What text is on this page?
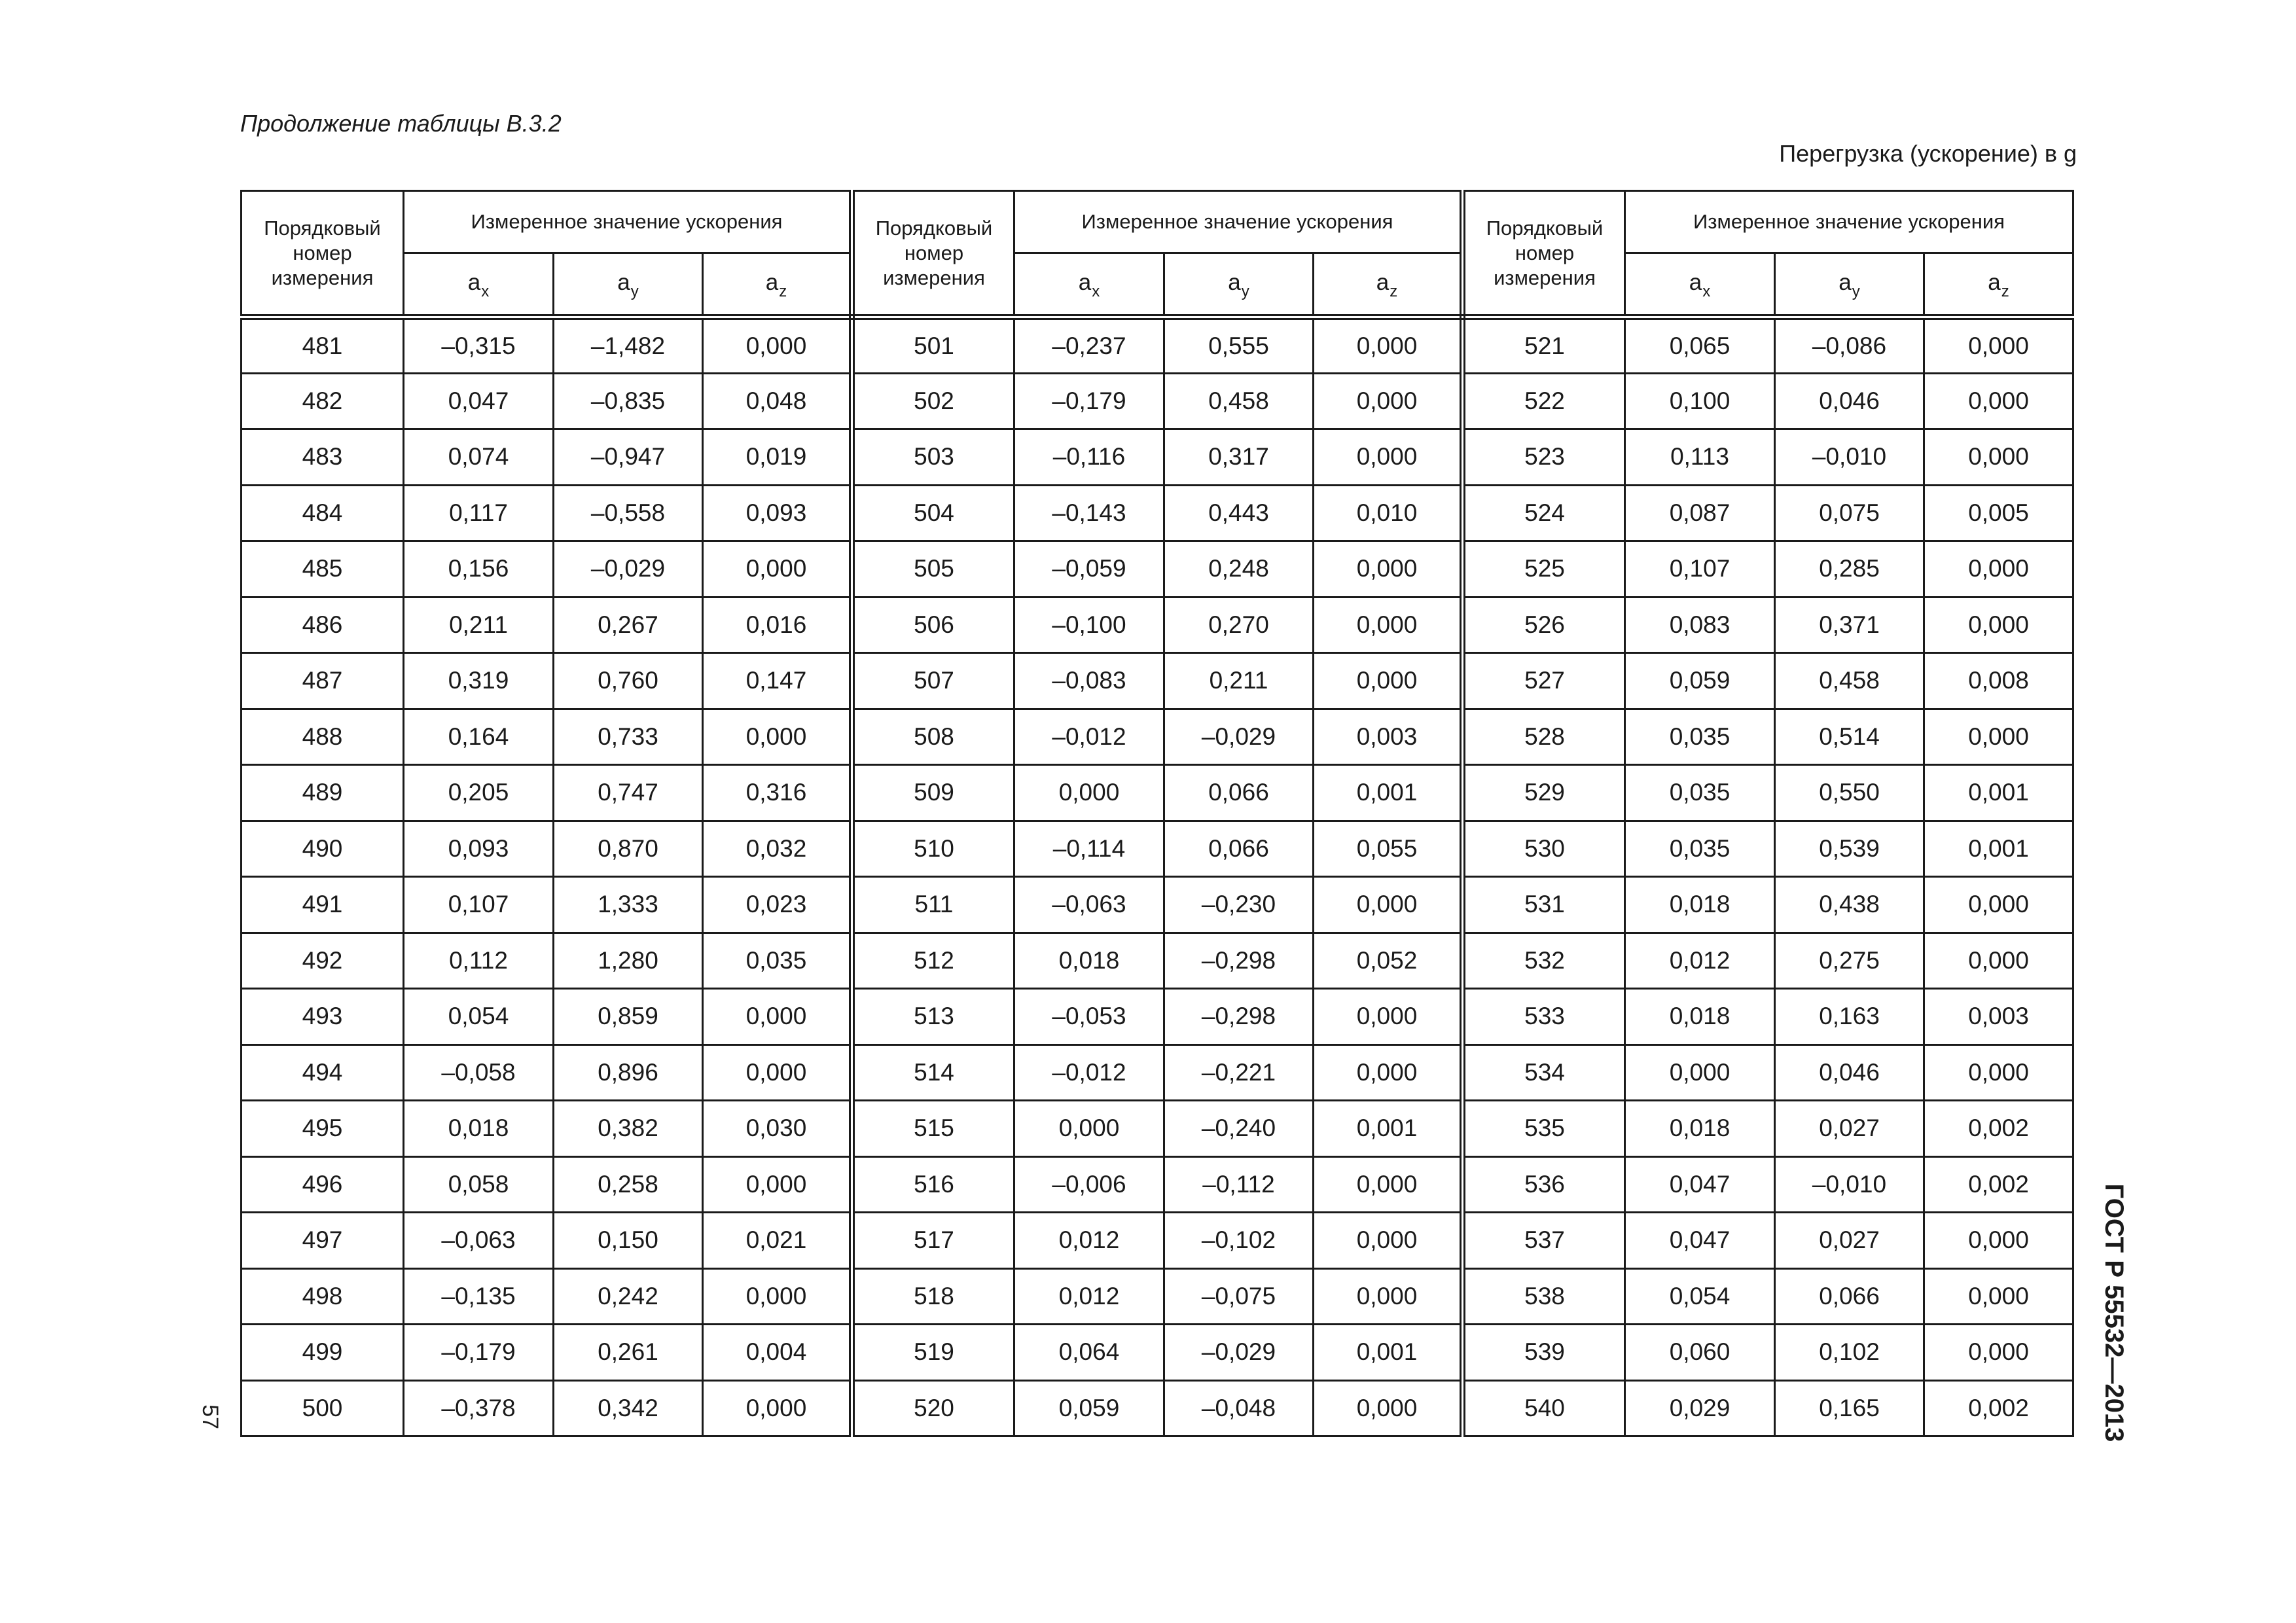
Продолжение таблицы В.3.2
Перегрузка (ускорение) в g
57	ГОСТ Р 55532—2013
Порядковый номер измерения	Измеренное значение ускорения			Порядковый номер измерения	Измеренное значение ускорения			Порядковый номер измерения	Измеренное значение ускорения		
	$a_x$	$a_y$	$a_z$		$a_x$	$a_y$	$a_z$		$a_x$	$a_y$	$a_z$
481	–0,315	–1,482	0,000	501	–0,237	0,555	0,000	521	0,065	–0,086	0,000
482	0,047	–0,835	0,048	502	–0,179	0,458	0,000	522	0,100	0,046	0,000
483	0,074	–0,947	0,019	503	–0,116	0,317	0,000	523	0,113	–0,010	0,000
484	0,117	–0,558	0,093	504	–0,143	0,443	0,010	524	0,087	0,075	0,005
485	0,156	–0,029	0,000	505	–0,059	0,248	0,000	525	0,107	0,285	0,000
486	0,211	0,267	0,016	506	–0,100	0,270	0,000	526	0,083	0,371	0,000
487	0,319	0,760	0,147	507	–0,083	0,211	0,000	527	0,059	0,458	0,008
488	0,164	0,733	0,000	508	–0,012	–0,029	0,003	528	0,035	0,514	0,000
489	0,205	0,747	0,316	509	0,000	0,066	0,001	529	0,035	0,550	0,001
490	0,093	0,870	0,032	510	–0,114	0,066	0,055	530	0,035	0,539	0,001
491	0,107	1,333	0,023	511	–0,063	–0,230	0,000	531	0,018	0,438	0,000
492	0,112	1,280	0,035	512	0,018	–0,298	0,052	532	0,012	0,275	0,000
493	0,054	0,859	0,000	513	–0,053	–0,298	0,000	533	0,018	0,163	0,003
494	–0,058	0,896	0,000	514	–0,012	–0,221	0,000	534	0,000	0,046	0,000
495	0,018	0,382	0,030	515	0,000	–0,240	0,001	535	0,018	0,027	0,002
496	0,058	0,258	0,000	516	–0,006	–0,112	0,000	536	0,047	–0,010	0,002
497	–0,063	0,150	0,021	517	0,012	–0,102	0,000	537	0,047	0,027	0,000
498	–0,135	0,242	0,000	518	0,012	–0,075	0,000	538	0,054	0,066	0,000
499	–0,179	0,261	0,004	519	0,064	–0,029	0,001	539	0,060	0,102	0,000
500	–0,378	0,342	0,000	520	0,059	–0,048	0,000	540	0,029	0,165	0,002
